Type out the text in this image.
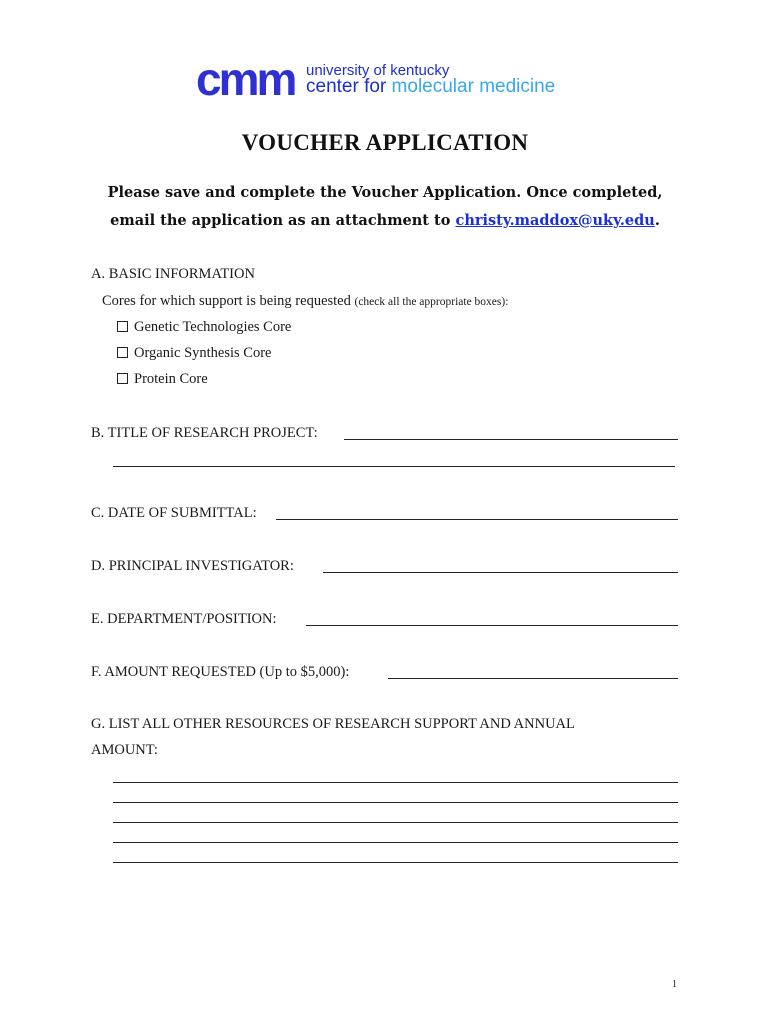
cmm university of kentucky
center for molecular medicine
VOUCHER APPLICATION
Please save and complete the Voucher Application. Once completed,
email the application as an attachment to christy.maddox@uky.edu.
A. BASIC INFORMATION
Cores for which support is being requested (check all the appropriate boxes):
Genetic Technologies Core
Organic Synthesis Core
Protein Core
B. TITLE OF RESEARCH PROJECT:
C. DATE OF SUBMITTAL:
D. PRINCIPAL INVESTIGATOR:
E. DEPARTMENT/POSITION:
F. AMOUNT REQUESTED (Up to $5,000):
G. LIST ALL OTHER RESOURCES OF RESEARCH SUPPORT AND ANNUAL
AMOUNT:
1
